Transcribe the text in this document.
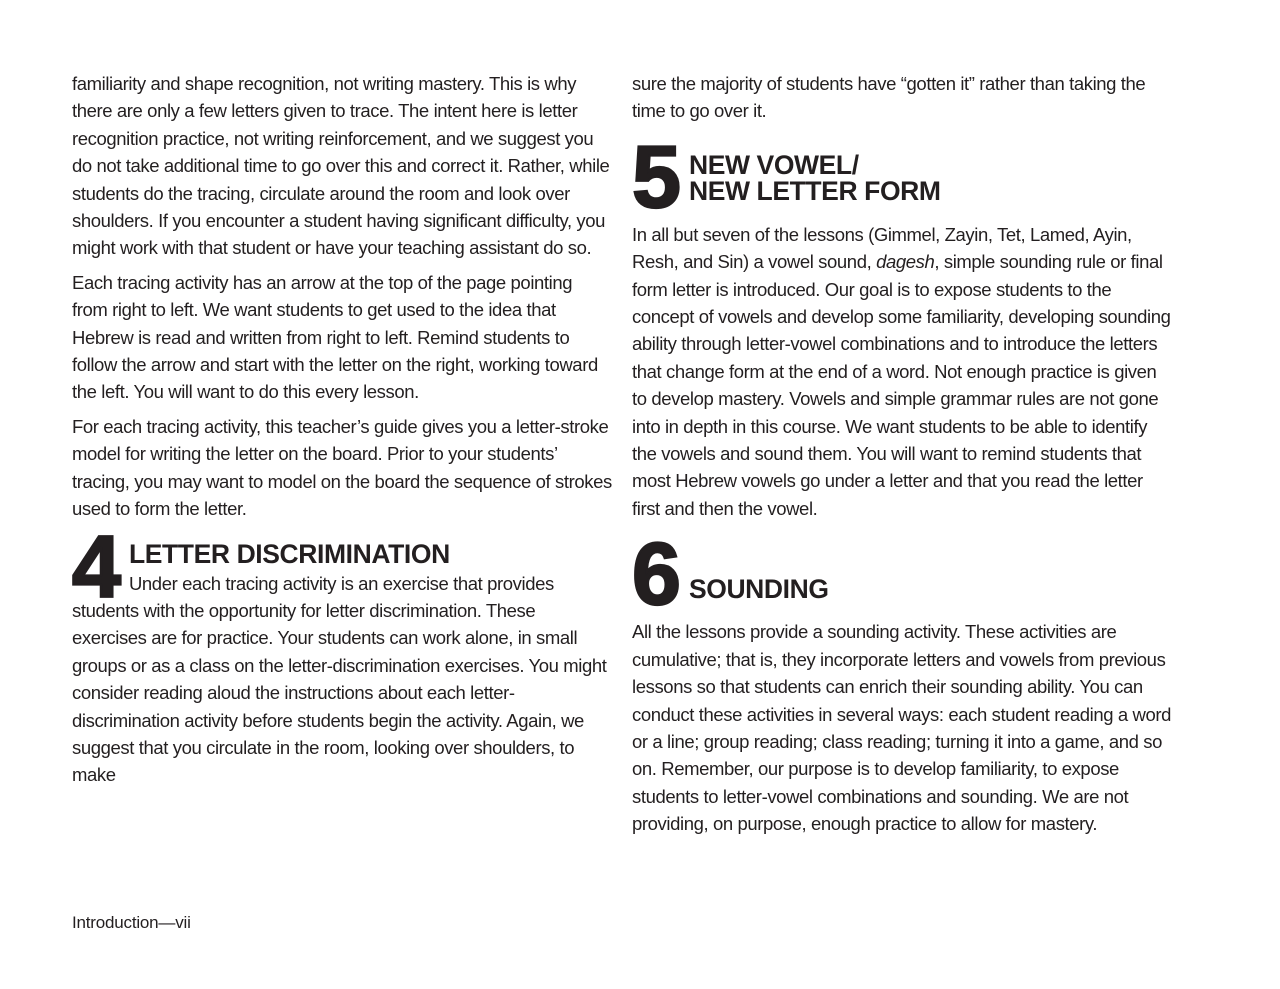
familiarity and shape recognition, not writing mastery. This is why there are only a few letters given to trace. The intent here is letter recognition practice, not writing reinforcement, and we suggest you do not take additional time to go over this and correct it. Rather, while students do the tracing, circulate around the room and look over shoulders. If you encounter a student having significant difficulty, you might work with that student or have your teaching assistant do so.

Each tracing activity has an arrow at the top of the page pointing from right to left. We want students to get used to the idea that Hebrew is read and written from right to left. Remind students to follow the arrow and start with the letter on the right, working toward the left. You will want to do this every lesson.

For each tracing activity, this teacher’s guide gives you a letter-stroke model for writing the letter on the board. Prior to your students’ tracing, you may want to model on the board the sequence of strokes used to form the letter.

4 LETTER DISCRIMINATION

Under each tracing activity is an exercise that provides students with the opportunity for letter discrimination. These exercises are for practice. Your students can work alone, in small groups or as a class on the letter-discrimination exercises. You might consider reading aloud the instructions about each letter-discrimination activity before students begin the activity. Again, we suggest that you circulate in the room, looking over shoulders, to make

sure the majority of students have “gotten it” rather than taking the time to go over it.

5 NEW VOWEL/
NEW LETTER FORM

In all but seven of the lessons (Gimmel, Zayin, Tet, Lamed, Ayin, Resh, and Sin) a vowel sound, dagesh, simple sounding rule or final form letter is introduced. Our goal is to expose students to the concept of vowels and develop some familiarity, developing sounding ability through letter-vowel combinations and to introduce the letters that change form at the end of a word. Not enough practice is given to develop mastery. Vowels and simple grammar rules are not gone into in depth in this course. We want students to be able to identify the vowels and sound them. You will want to remind students that most Hebrew vowels go under a letter and that you read the letter first and then the vowel.

6 SOUNDING

All the lessons provide a sounding activity. These activities are cumulative; that is, they incorporate letters and vowels from previous lessons so that students can enrich their sounding ability. You can conduct these activities in several ways: each student reading a word or a line; group reading; class reading; turning it into a game, and so on. Remember, our purpose is to develop familiarity, to expose students to letter-vowel combinations and sounding. We are not providing, on purpose, enough practice to allow for mastery.

Introduction—vii
